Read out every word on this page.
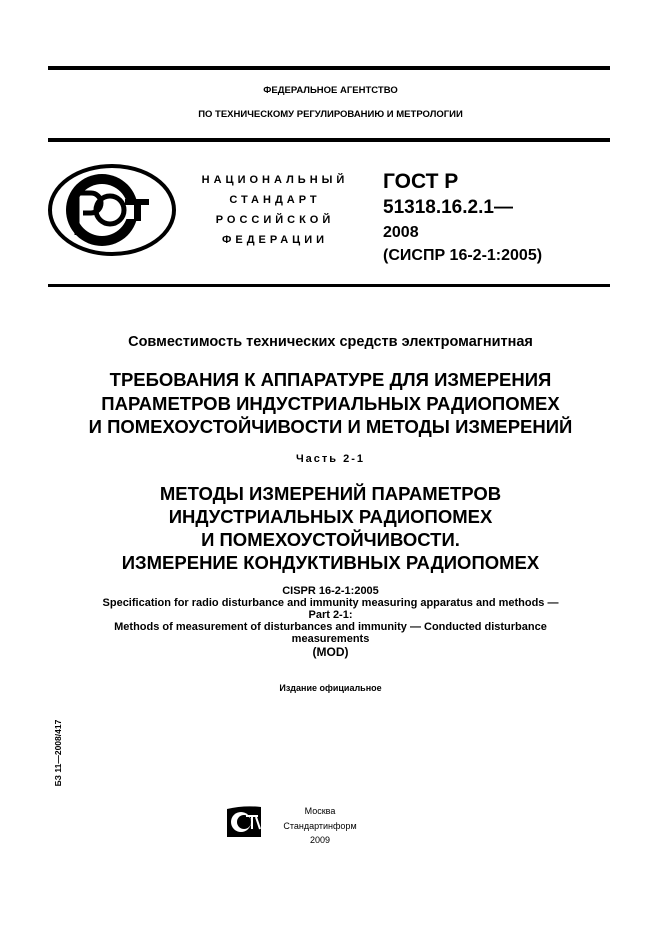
ФЕДЕРАЛЬНОЕ АГЕНТСТВО
ПО ТЕХНИЧЕСКОМУ РЕГУЛИРОВАНИЮ И МЕТРОЛОГИИ
НАЦИОНАЛЬНЫЙ
СТАНДАРТ
РОССИЙСКОЙ
ФЕДЕРАЦИИ
ГОСТ Р
51318.16.2.1—
2008
(СИСПР 16-2-1:2005)
Совместимость технических средств электромагнитная
ТРЕБОВАНИЯ К АППАРАТУРЕ ДЛЯ ИЗМЕРЕНИЯ
ПАРАМЕТРОВ ИНДУСТРИАЛЬНЫХ РАДИОПОМЕХ
И ПОМЕХОУСТОЙЧИВОСТИ И МЕТОДЫ ИЗМЕРЕНИЙ
Часть 2-1
МЕТОДЫ ИЗМЕРЕНИЙ ПАРАМЕТРОВ
ИНДУСТРИАЛЬНЫХ РАДИОПОМЕХ
И ПОМЕХОУСТОЙЧИВОСТИ.
ИЗМЕРЕНИЕ КОНДУКТИВНЫХ РАДИОПОМЕХ
CISPR 16-2-1:2005
Specification for radio disturbance and immunity measuring apparatus and methods —
Part 2-1:
Methods of measurement of disturbances and immunity — Conducted disturbance
measurements
(MOD)
Издание официальное
БЗ 11—2008/417
Москва
Стандартинформ
2009
